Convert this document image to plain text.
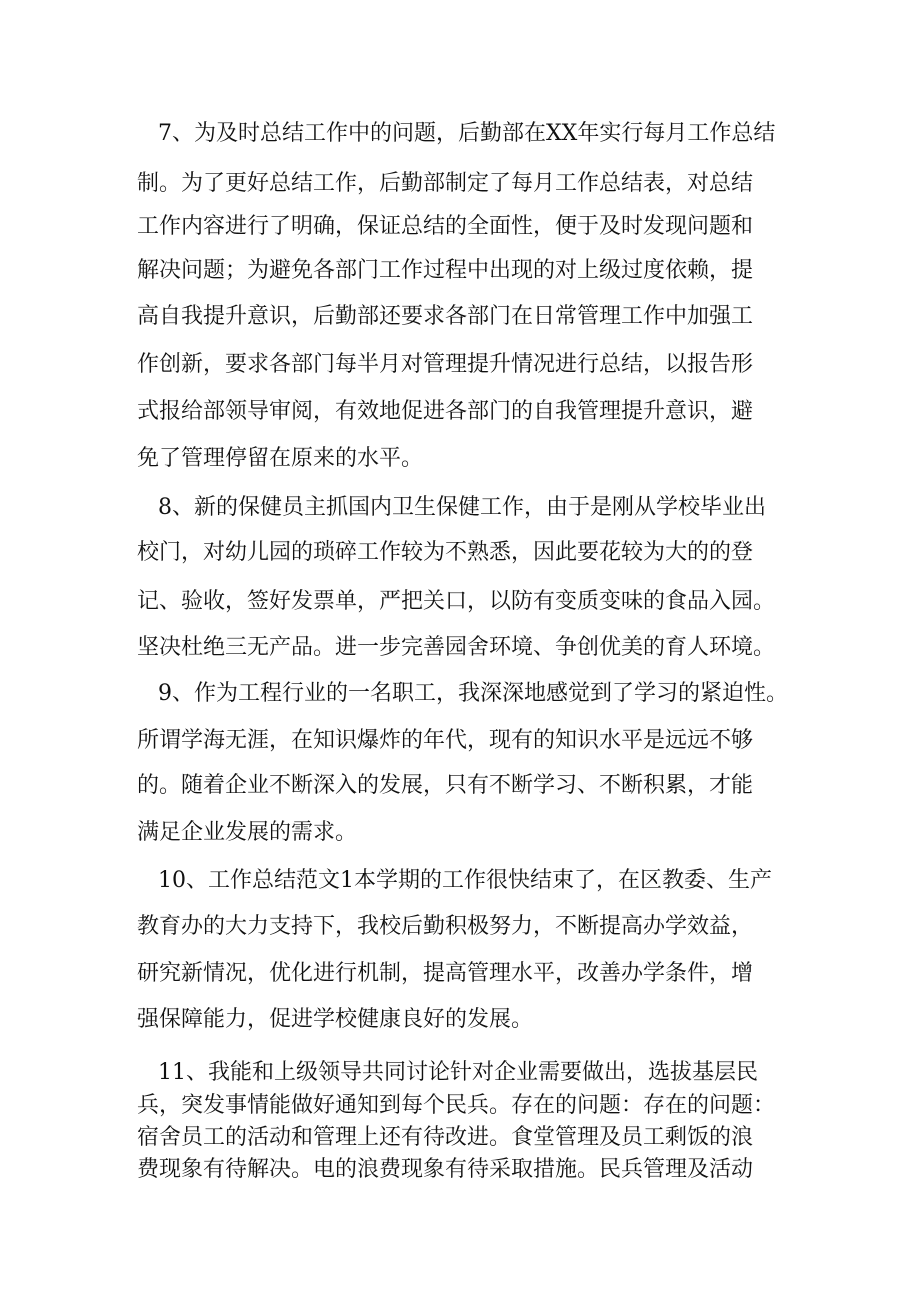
7、为及时总结工作中的问题，后勤部在XX年实行每月工作总结
制。为了更好总结工作，后勤部制定了每月工作总结表，对总结
工作内容进行了明确，保证总结的全面性，便于及时发现问题和
解决问题；为避免各部门工作过程中出现的对上级过度依赖，提
高自我提升意识，后勤部还要求各部门在日常管理工作中加强工
作创新，要求各部门每半月对管理提升情况进行总结，以报告形
式报给部领导审阅，有效地促进各部门的自我管理提升意识，避
免了管理停留在原来的水平。
8、新的保健员主抓国内卫生保健工作，由于是刚从学校毕业出
校门，对幼儿园的琐碎工作较为不熟悉，因此要花较为大的的登
记、验收，签好发票单，严把关口，以防有变质变味的食品入园。
坚决杜绝三无产品。进一步完善园舍环境、争创优美的育人环境。
9、作为工程行业的一名职工，我深深地感觉到了学习的紧迫性。
所谓学海无涯，在知识爆炸的年代，现有的知识水平是远远不够
的。随着企业不断深入的发展，只有不断学习、不断积累，才能
满足企业发展的需求。
10、工作总结范文1本学期的工作很快结束了，在区教委、生产
教育办的大力支持下，我校后勤积极努力，不断提高办学效益，
研究新情况，优化进行机制，提高管理水平，改善办学条件，增
强保障能力，促进学校健康良好的发展。
11、我能和上级领导共同讨论针对企业需要做出，选拔基层民
兵，突发事情能做好通知到每个民兵。存在的问题：存在的问题：
宿舍员工的活动和管理上还有待改进。食堂管理及员工剩饭的浪
费现象有待解决。电的浪费现象有待采取措施。民兵管理及活动
